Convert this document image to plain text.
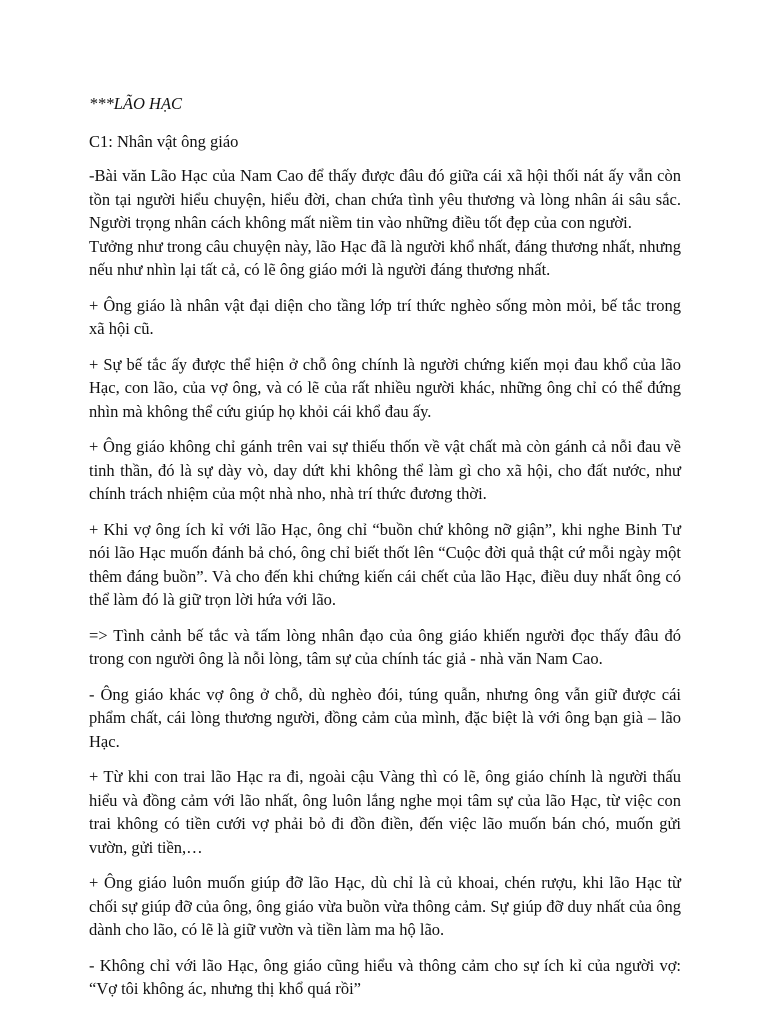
***LÃO HẠC

C1: Nhân vật ông giáo

-Bài văn Lão Hạc của Nam Cao để thấy được đâu đó giữa cái xã hội thối nát ấy vẫn còn tồn tại người hiểu chuyện, hiểu đời, chan chứa tình yêu thương và lòng nhân ái sâu sắc. Người trọng nhân cách không mất niềm tin vào những điều tốt đẹp của con người.

Tưởng như trong câu chuyện này, lão Hạc đã là người khổ nhất, đáng thương nhất, nhưng nếu như nhìn lại tất cả, có lẽ ông giáo mới là người đáng thương nhất.

+ Ông giáo là nhân vật đại diện cho tầng lớp trí thức nghèo sống mòn mỏi, bế tắc trong xã hội cũ.

+ Sự bế tắc ấy được thể hiện ở chỗ ông chính là người chứng kiến mọi đau khổ của lão Hạc, con lão, của vợ ông, và có lẽ của rất nhiều người khác, những ông chỉ có thể đứng nhìn mà không thể cứu giúp họ khỏi cái khổ đau ấy.

+ Ông giáo không chỉ gánh trên vai sự thiếu thốn về vật chất mà còn gánh cả nỗi đau về tinh thần, đó là sự dày vò, day dứt khi không thể làm gì cho xã hội, cho đất nước, như chính trách nhiệm của một nhà nho, nhà trí thức đương thời.

+ Khi vợ ông ích kỉ với lão Hạc, ông chỉ “buồn chứ không nỡ giận”, khi nghe Binh Tư nói lão Hạc muốn đánh bả chó, ông chỉ biết thốt lên “Cuộc đời quả thật cứ mỗi ngày một thêm đáng buồn”. Và cho đến khi chứng kiến cái chết của lão Hạc, điều duy nhất ông có thể làm đó là giữ trọn lời hứa với lão.

=> Tình cảnh bế tắc và tấm lòng nhân đạo của ông giáo khiến người đọc thấy đâu đó trong con người ông là nỗi lòng, tâm sự của chính tác giả - nhà văn Nam Cao.

- Ông giáo khác vợ ông ở chỗ, dù nghèo đói, túng quẫn, nhưng ông vẫn giữ được cái phẩm chất, cái lòng thương người, đồng cảm của mình, đặc biệt là với ông bạn già – lão Hạc.

+ Từ khi con trai lão Hạc ra đi, ngoài cậu Vàng thì có lẽ, ông giáo chính là người thấu hiểu và đồng cảm với lão nhất, ông luôn lắng nghe mọi tâm sự của lão Hạc, từ việc con trai không có tiền cưới vợ phải bỏ đi đồn điền, đến việc lão muốn bán chó, muốn gửi vườn, gửi tiền,…

+ Ông giáo luôn muốn giúp đỡ lão Hạc, dù chỉ là củ khoai, chén rượu, khi lão Hạc từ chối sự giúp đỡ của ông, ông giáo vừa buồn vừa thông cảm. Sự giúp đỡ duy nhất của ông dành cho lão, có lẽ là giữ vườn và tiền làm ma hộ lão.

- Không chỉ với lão Hạc, ông giáo cũng hiểu và thông cảm cho sự ích kỉ của người vợ: “Vợ tôi không ác, nhưng thị khổ quá rồi”
